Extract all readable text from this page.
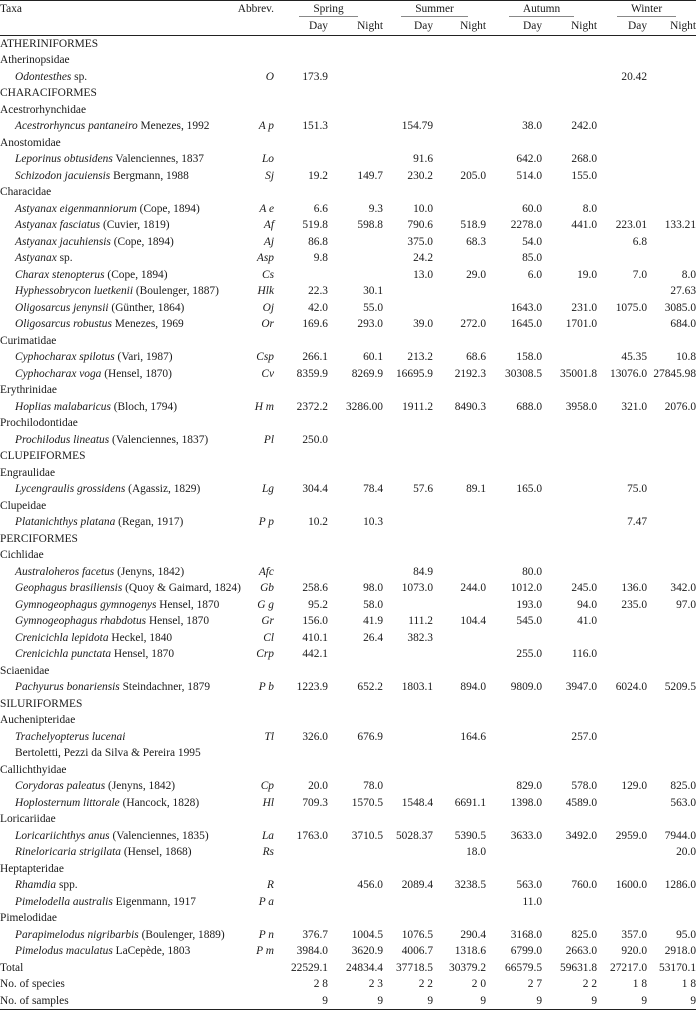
Taxa	Abbrev.	Spring		Summer		Autumn		Winter	
		Day	Night	Day	Night	Day	Night	Day	Night
ATHERINIFORMES									
Atherinopsidae									
Odontesthes sp.	O	173.9						20.42	
CHARACIFORMES									
Acestrorhynchidae									
Acestrorhyncus pantaneiro Menezes, 1992	A p	151.3		154.79		38.0	242.0		
Anostomidae									
Leporinus obtusidens Valenciennes, 1837	Lo			91.6		642.0	268.0		
Schizodon jacuiensis Bergmann, 1988	Sj	19.2	149.7	230.2	205.0	514.0	155.0		
Characidae									
Astyanax eigenmanniorum (Cope, 1894)	A e	6.6	9.3	10.0		60.0	8.0		
Astyanax fasciatus (Cuvier, 1819)	Af	519.8	598.8	790.6	518.9	2278.0	441.0	223.01	133.21
Astyanax jacuhiensis (Cope, 1894)	Aj	86.8		375.0	68.3	54.0		6.8	
Astyanax sp.	Asp	9.8		24.2		85.0			
Charax stenopterus (Cope, 1894)	Cs			13.0	29.0	6.0	19.0	7.0	8.0
Hyphessobrycon luetkenii (Boulenger, 1887)	Hlk	22.3	30.1						27.63
Oligosarcus jenynsii (Günther, 1864)	Oj	42.0	55.0			1643.0	231.0	1075.0	3085.0
Oligosarcus robustus Menezes, 1969	Or	169.6	293.0	39.0	272.0	1645.0	1701.0		684.0
Curimatidae									
Cyphocharax spilotus (Vari, 1987)	Csp	266.1	60.1	213.2	68.6	158.0		45.35	10.8
Cyphocharax voga (Hensel, 1870)	Cv	8359.9	8269.9	16695.9	2192.3	30308.5	35001.8	13076.0	27845.98
Erythrinidae									
Hoplias malabaricus (Bloch, 1794)	H m	2372.2	3286.00	1911.2	8490.3	688.0	3958.0	321.0	2076.0
Prochilodontidae									
Prochilodus lineatus (Valenciennes, 1837)	Pl	250.0							
CLUPEIFORMES									
Engraulidae									
Lycengraulis grossidens (Agassiz, 1829)	Lg	304.4	78.4	57.6	89.1	165.0		75.0	
Clupeidae									
Platanichthys platana (Regan, 1917)	P p	10.2	10.3					7.47	
PERCIFORMES									
Cichlidae									
Australoheros facetus (Jenyns, 1842)	Afc			84.9		80.0			
Geophagus brasiliensis (Quoy & Gaimard, 1824)	Gb	258.6	98.0	1073.0	244.0	1012.0	245.0	136.0	342.0
Gymnogeophagus gymnogenys Hensel, 1870	G g	95.2	58.0			193.0	94.0	235.0	97.0
Gymnogeophagus rhabdotus Hensel, 1870	Gr	156.0	41.9	111.2	104.4	545.0	41.0		
Crenicichla lepidota Heckel, 1840	Cl	410.1	26.4	382.3					
Crenicichla punctata Hensel, 1870	Crp	442.1				255.0	116.0		
Sciaenidae									
Pachyurus bonariensis Steindachner, 1879	P b	1223.9	652.2	1803.1	894.0	9809.0	3947.0	6024.0	5209.5
SILURIFORMES									
Auchenipteridae									
Trachelyopterus lucenai	Tl	326.0	676.9		164.6		257.0		
Bertoletti, Pezzi da Silva & Pereira 1995									
Callichthyidae									
Corydoras paleatus (Jenyns, 1842)	Cp	20.0	78.0			829.0	578.0	129.0	825.0
Hoplosternum littorale (Hancock, 1828)	Hl	709.3	1570.5	1548.4	6691.1	1398.0	4589.0		563.0
Loricariidae									
Loricariichthys anus (Valenciennes, 1835)	La	1763.0	3710.5	5028.37	5390.5	3633.0	3492.0	2959.0	7944.0
Rineloricaria strigilata (Hensel, 1868)	Rs				18.0				20.0
Heptapteridae									
Rhamdia spp.	R		456.0	2089.4	3238.5	563.0	760.0	1600.0	1286.0
Pimelodella australis Eigenmann, 1917	P a					11.0			
Pimelodidae									
Parapimelodus nigribarbis (Boulenger, 1889)	P n	376.7	1004.5	1076.5	290.4	3168.0	825.0	357.0	95.0
Pimelodus maculatus LaCepède, 1803	P m	3984.0	3620.9	4006.7	1318.6	6799.0	2663.0	920.0	2918.0
Total		22529.1	24834.4	37718.5	30379.2	66579.5	59631.8	27217.0	53170.1
No. of species		2 8	2 3	2 2	2 0	2 7	2 2	1 8	1 8
No. of samples		9	9	9	9	9	9	9	9
